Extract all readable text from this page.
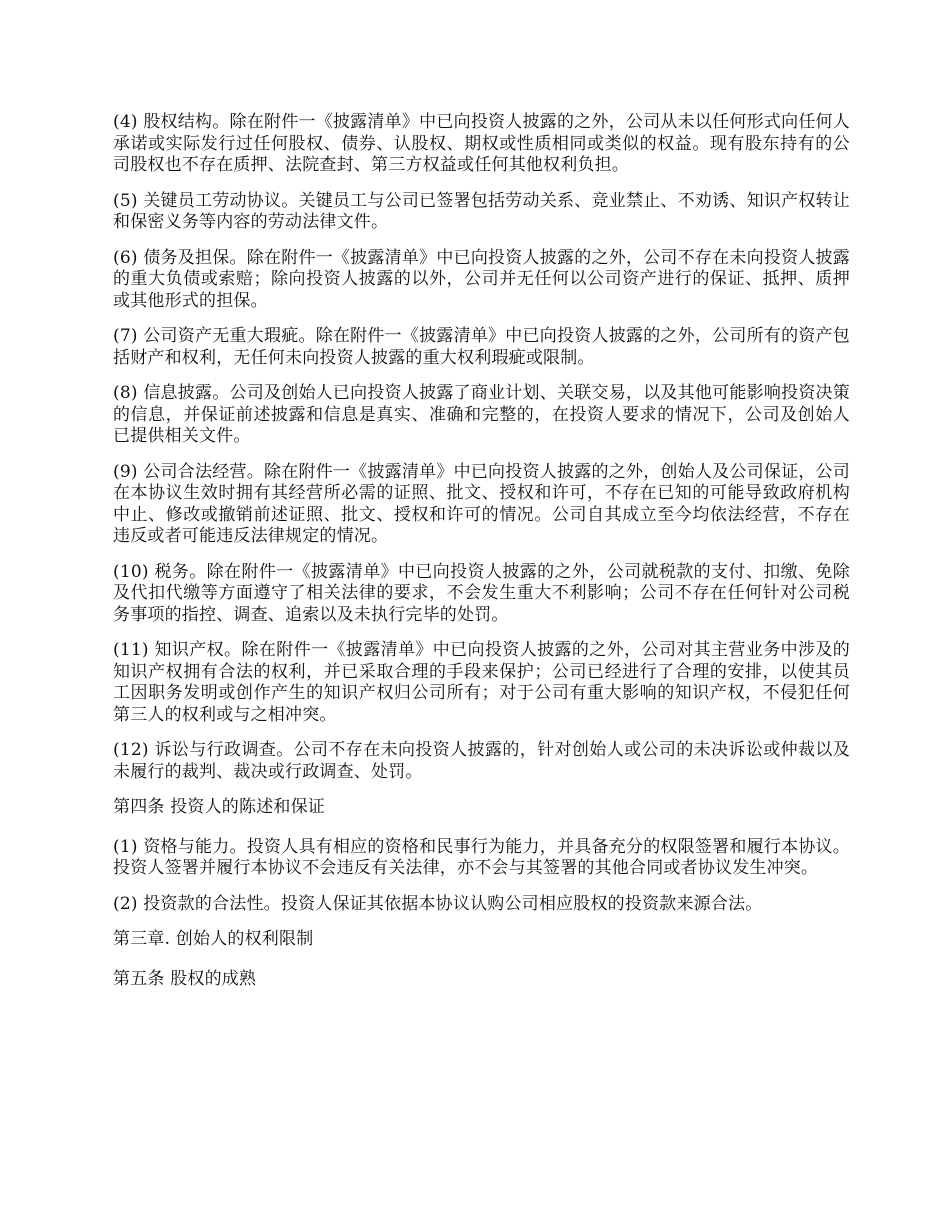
(4) 股权结构。除在附件一《披露清单》中已向投资人披露的之外，公司从未以任何形式向任何人承诺或实际发行过任何股权、债券、认股权、期权或性质相同或类似的权益。现有股东持有的公司股权也不存在质押、法院查封、第三方权益或任何其他权利负担。

(5) 关键员工劳动协议。关键员工与公司已签署包括劳动关系、竞业禁止、不劝诱、知识产权转让和保密义务等内容的劳动法律文件。

(6) 债务及担保。除在附件一《披露清单》中已向投资人披露的之外，公司不存在未向投资人披露的重大负债或索赔；除向投资人披露的以外，公司并无任何以公司资产进行的保证、抵押、质押或其他形式的担保。

(7) 公司资产无重大瑕疵。除在附件一《披露清单》中已向投资人披露的之外，公司所有的资产包括财产和权利，无任何未向投资人披露的重大权利瑕疵或限制。

(8) 信息披露。公司及创始人已向投资人披露了商业计划、关联交易，以及其他可能影响投资决策的信息，并保证前述披露和信息是真实、准确和完整的，在投资人要求的情况下，公司及创始人已提供相关文件。

(9) 公司合法经营。除在附件一《披露清单》中已向投资人披露的之外，创始人及公司保证，公司在本协议生效时拥有其经营所必需的证照、批文、授权和许可，不存在已知的可能导致政府机构中止、修改或撤销前述证照、批文、授权和许可的情况。公司自其成立至今均依法经营，不存在违反或者可能违反法律规定的情况。

(10) 税务。除在附件一《披露清单》中已向投资人披露的之外，公司就税款的支付、扣缴、免除及代扣代缴等方面遵守了相关法律的要求，不会发生重大不利影响；公司不存在任何针对公司税务事项的指控、调查、追索以及未执行完毕的处罚。

(11) 知识产权。除在附件一《披露清单》中已向投资人披露的之外，公司对其主营业务中涉及的知识产权拥有合法的权利，并已采取合理的手段来保护；公司已经进行了合理的安排，以使其员工因职务发明或创作产生的知识产权归公司所有；对于公司有重大影响的知识产权，不侵犯任何第三人的权利或与之相冲突。

(12) 诉讼与行政调查。公司不存在未向投资人披露的，针对创始人或公司的未决诉讼或仲裁以及未履行的裁判、裁决或行政调查、处罚。

第四条 投资人的陈述和保证

(1) 资格与能力。投资人具有相应的资格和民事行为能力，并具备充分的权限签署和履行本协议。投资人签署并履行本协议不会违反有关法律，亦不会与其签署的其他合同或者协议发生冲突。

(2) 投资款的合法性。投资人保证其依据本协议认购公司相应股权的投资款来源合法。

第三章. 创始人的权利限制

第五条 股权的成熟
